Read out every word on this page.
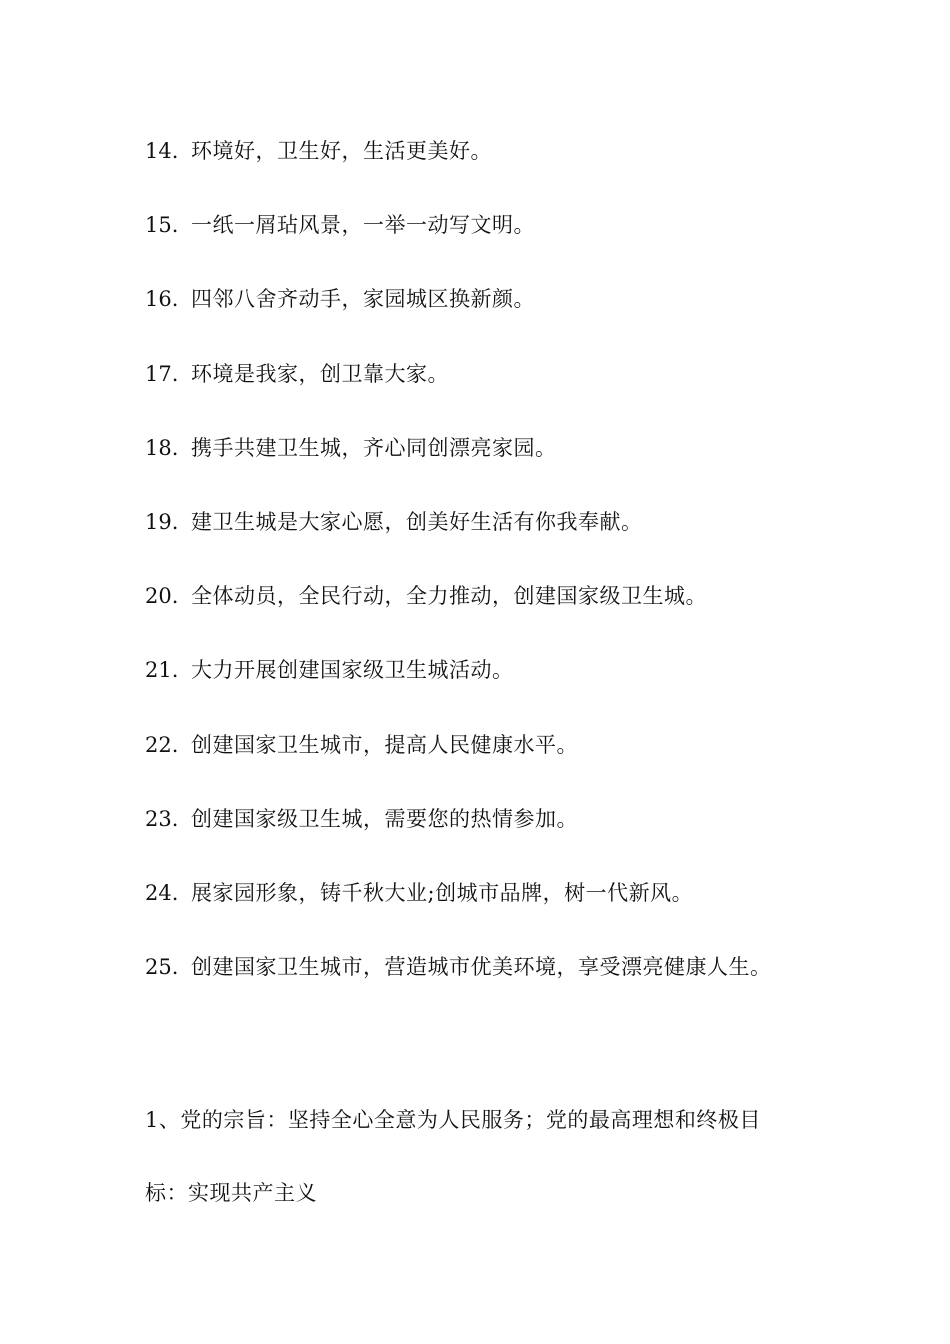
14. 环境好，卫生好，生活更美好。
15. 一纸一屑玷风景，一举一动写文明。
16. 四邻八舍齐动手，家园城区换新颜。
17. 环境是我家，创卫靠大家。
18. 携手共建卫生城，齐心同创漂亮家园。
19. 建卫生城是大家心愿，创美好生活有你我奉献。
20. 全体动员，全民行动，全力推动，创建国家级卫生城。
21. 大力开展创建国家级卫生城活动。
22. 创建国家卫生城市，提高人民健康水平。
23. 创建国家级卫生城，需要您的热情参加。
24. 展家园形象，铸千秋大业;创城市品牌，树一代新风。
25. 创建国家卫生城市，营造城市优美环境，享受漂亮健康人生。

1、党的宗旨：坚持全心全意为人民服务；党的最高理想和终极目

标：实现共产主义
